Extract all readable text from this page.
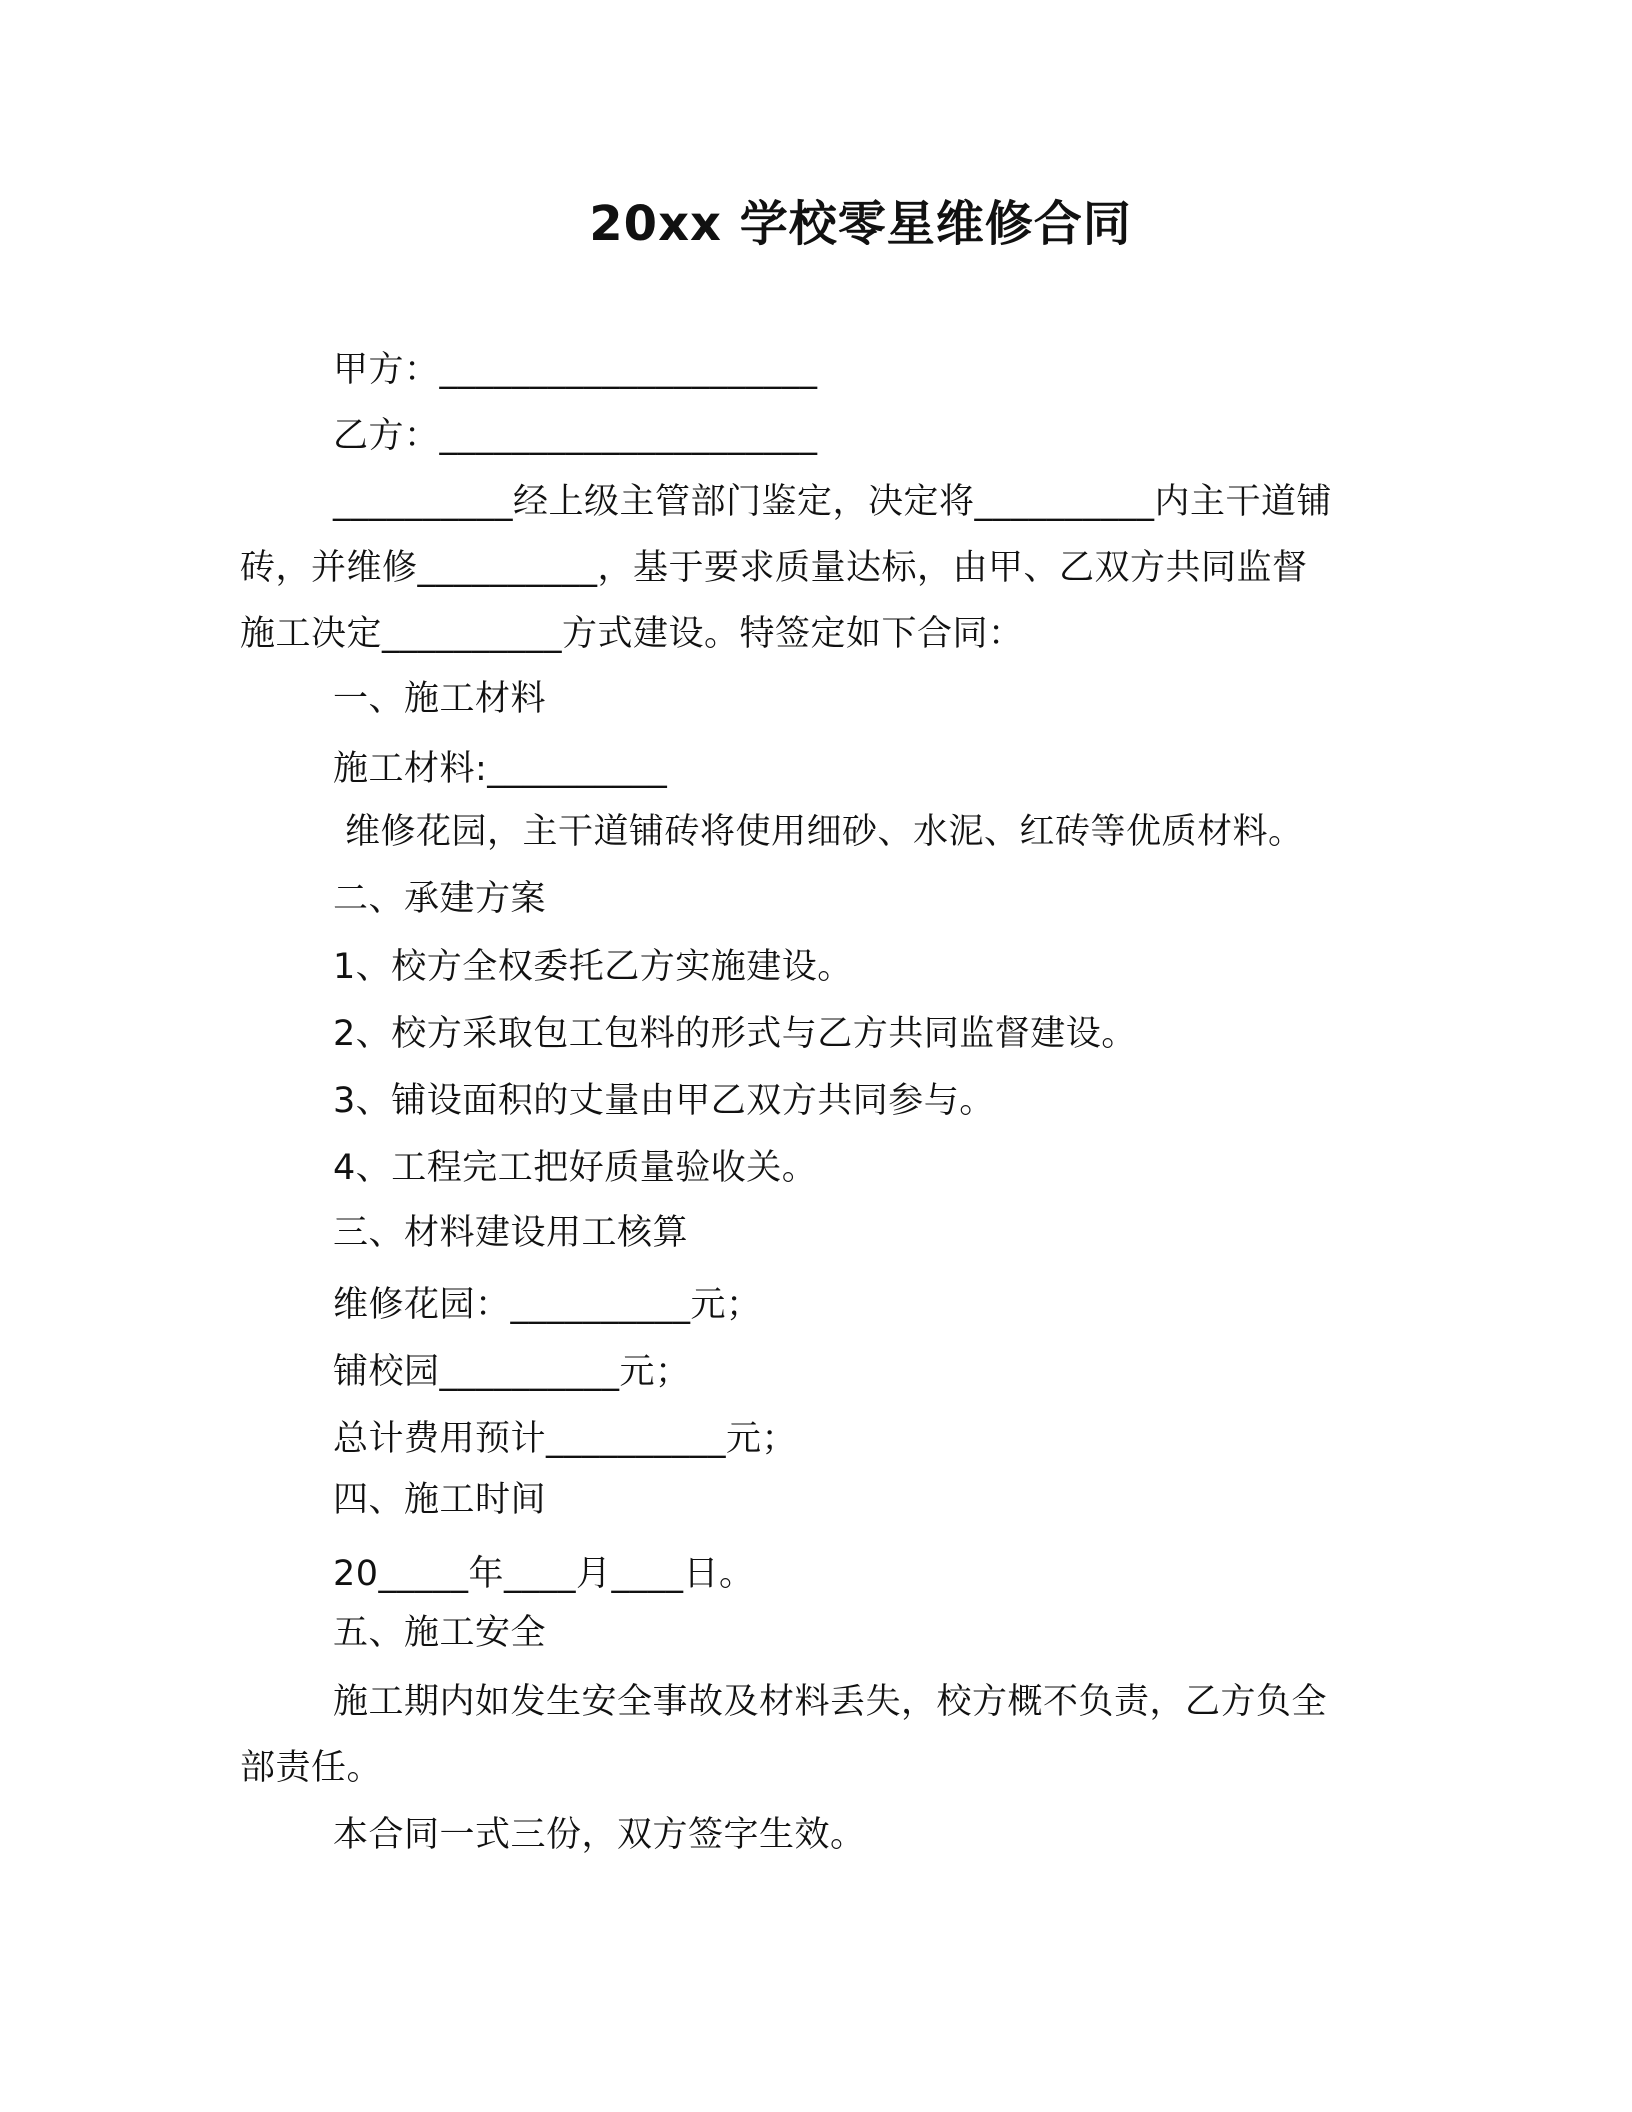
20xx 学校零星维修合同
甲方：_____________________
乙方：_____________________
__________经上级主管部门鉴定，决定将__________内主干道铺
砖，并维修__________，基于要求质量达标，由甲、乙双方共同监督
施工决定__________方式建设。特签定如下合同：
一、施工材料
施工材料:__________
维修花园，主干道铺砖将使用细砂、水泥、红砖等优质材料。
二、承建方案
1、校方全权委托乙方实施建设。
2、校方采取包工包料的形式与乙方共同监督建设。
3、铺设面积的丈量由甲乙双方共同参与。
4、工程完工把好质量验收关。
三、材料建设用工核算
维修花园：__________元；
铺校园__________元；
总计费用预计__________元；
四、施工时间
20_____年____月____日。
五、施工安全
施工期内如发生安全事故及材料丢失，校方概不负责，乙方负全
部责任。
本合同一式三份，双方签字生效。
